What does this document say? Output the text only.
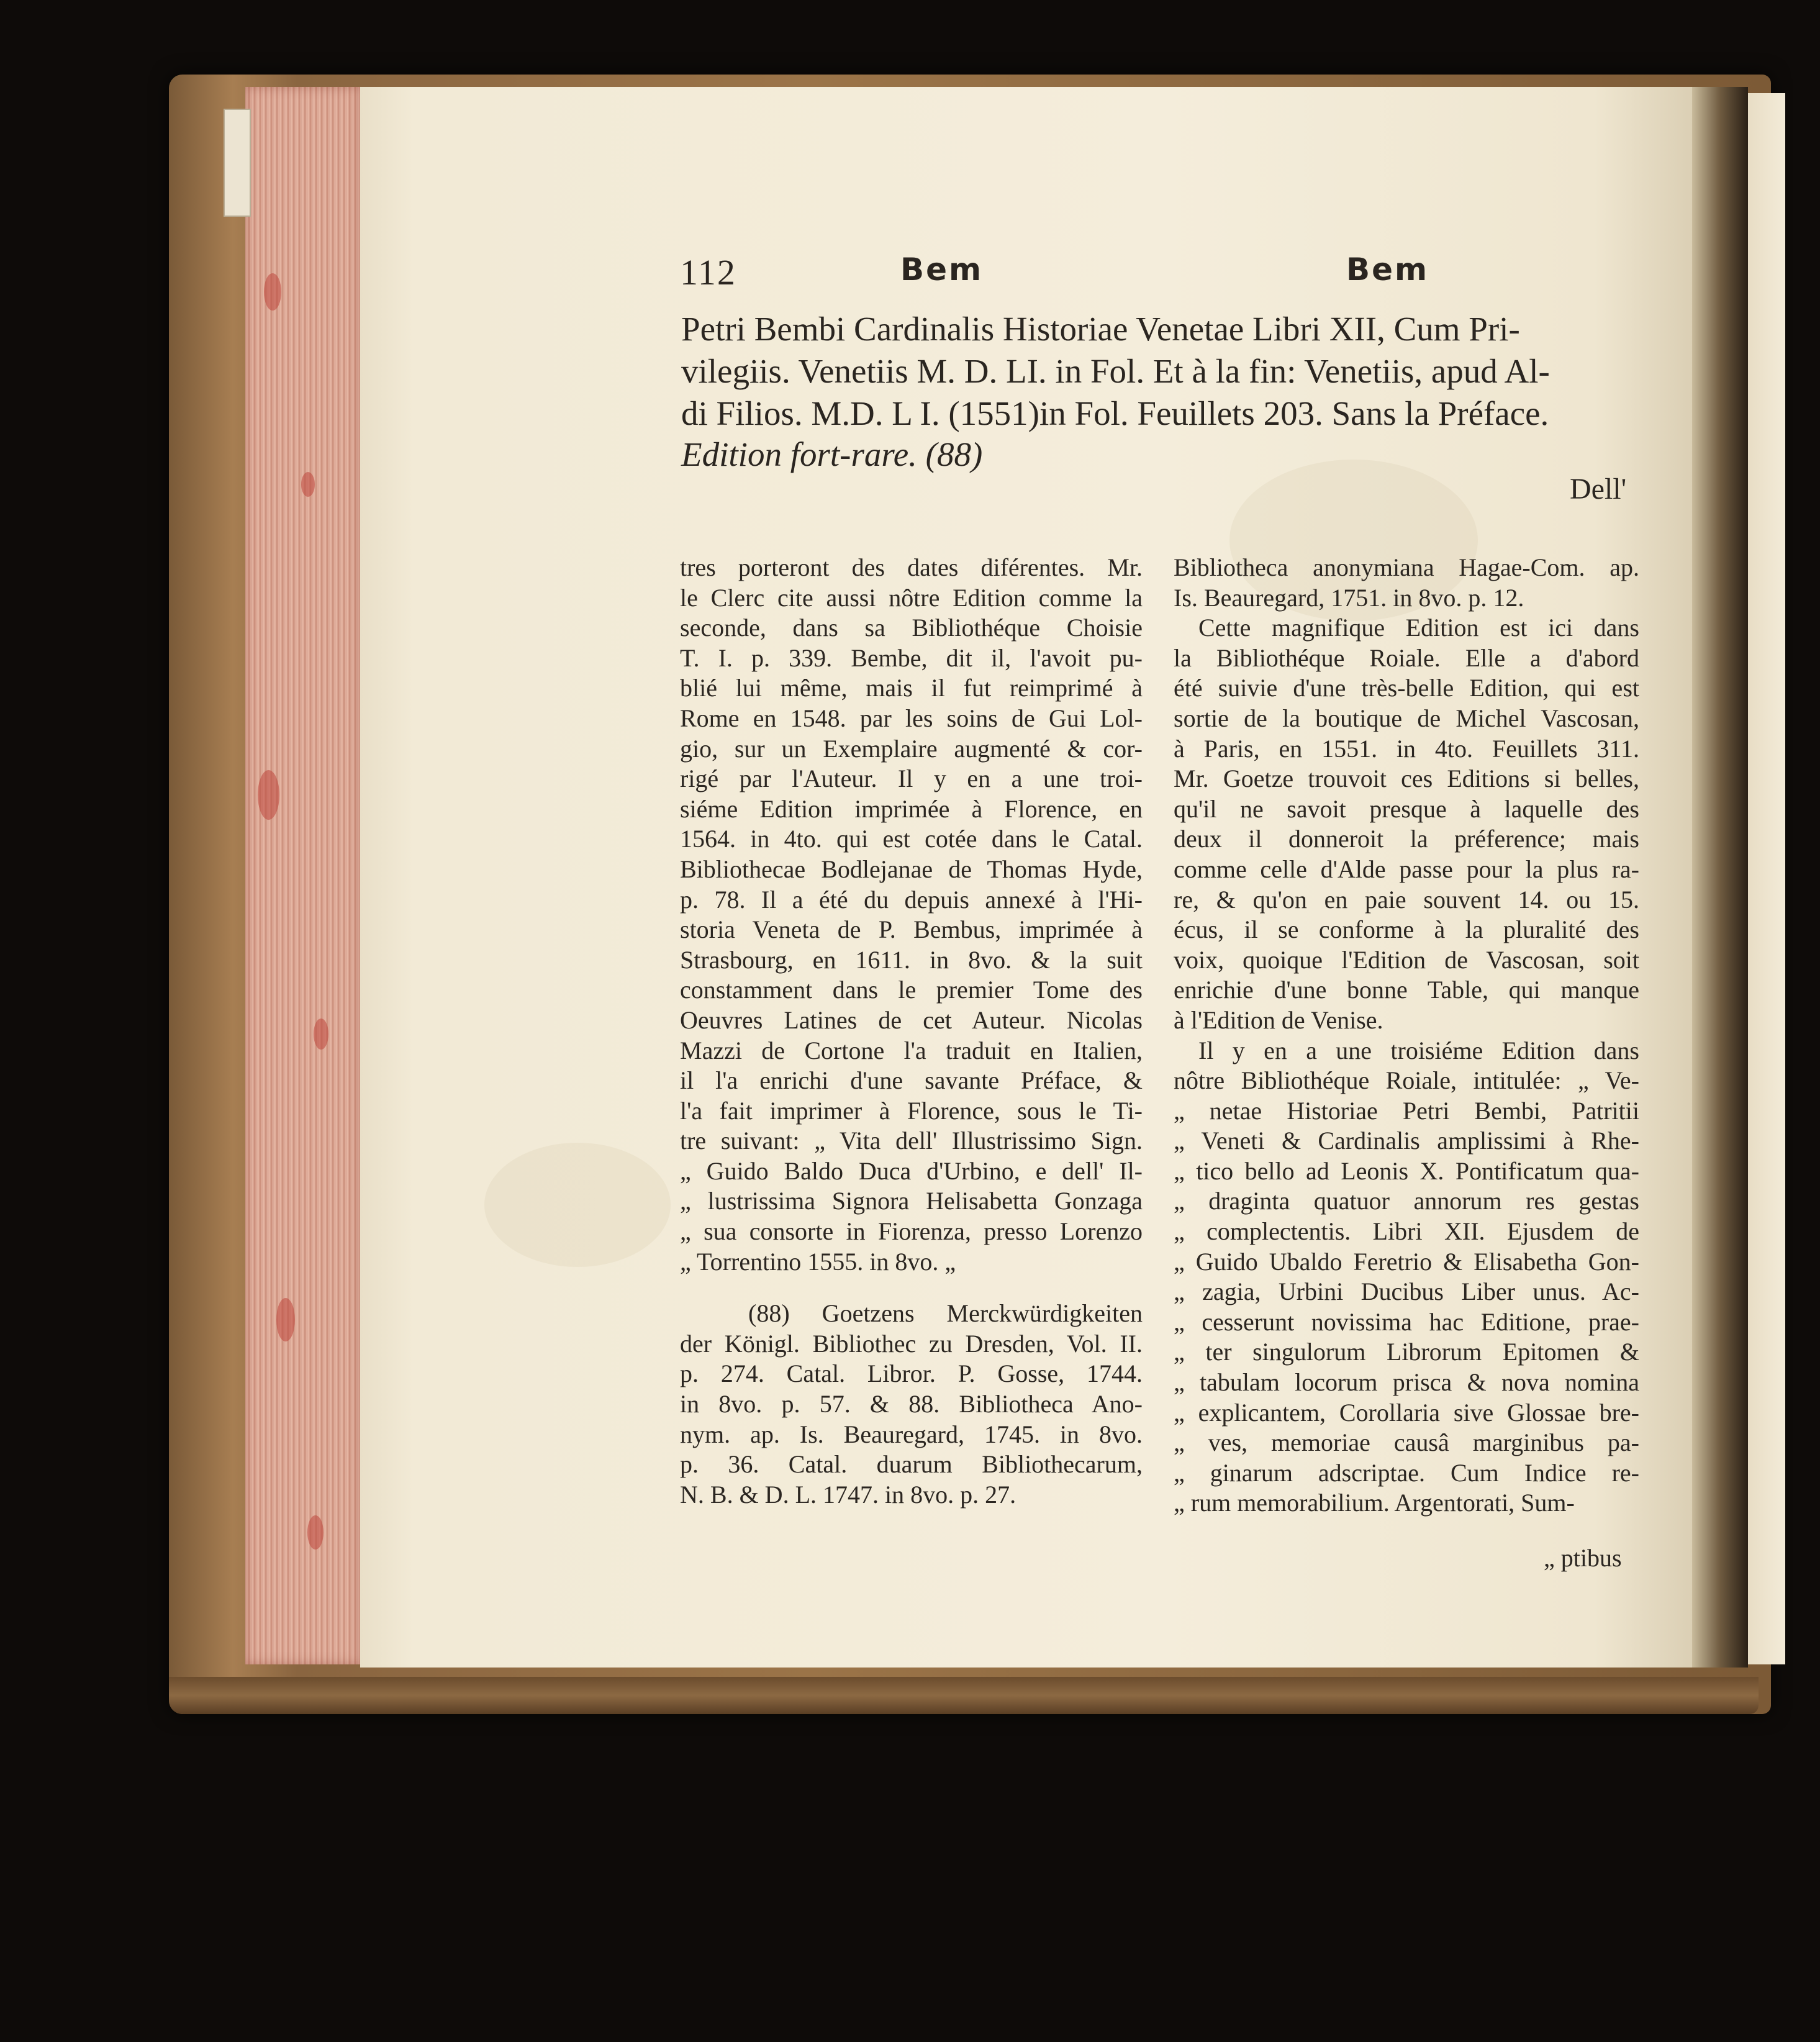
112	Bem	Bem
Petri Bembi Cardinalis Historiae Venetae Libri XII, Cum Pri-
vilegiis. Venetiis M. D. LI. in Fol. Et à la fin: Venetiis, apud Al-
di Filios. M.D. L I. (1551)in Fol. Feuillets 203. Sans la Préface.
Edition fort-rare. (88)
Dell'
tres porteront des dates diférentes. Mr.
le Clerc cite aussi nôtre Edition comme la
seconde, dans sa Bibliothéque Choisie
T. I. p. 339. Bembe, dit il, l'avoit pu-
blié lui même, mais il fut reimprimé à
Rome en 1548. par les soins de Gui Lol-
gio, sur un Exemplaire augmenté & cor-
rigé par l'Auteur. Il y en a une troi-
siéme Edition imprimée à Florence, en
1564. in 4to. qui est cotée dans le Catal.
Bibliothecae Bodlejanae de Thomas Hyde,
p. 78. Il a été du depuis annexé à l'Hi-
storia Veneta de P. Bembus, imprimée à
Strasbourg, en 1611. in 8vo. & la suit
constamment dans le premier Tome des
Oeuvres Latines de cet Auteur. Nicolas
Mazzi de Cortone l'a traduit en Italien,
il l'a enrichi d'une savante Préface, &
l'a fait imprimer à Florence, sous le Ti-
tre suivant: „ Vita dell' Illustrissimo Sign.
„ Guido Baldo Duca d'Urbino, e dell' Il-
„ lustrissima Signora Helisabetta Gonzaga
„ sua consorte in Fiorenza, presso Lorenzo
„ Torrentino 1555. in 8vo. „
(88) Goetzens Merckwürdigkeiten
der Königl. Bibliothec zu Dresden, Vol. II.
p. 274. Catal. Libror. P. Gosse, 1744.
in 8vo. p. 57. & 88. Bibliotheca Ano-
nym. ap. Is. Beauregard, 1745. in 8vo.
p. 36. Catal. duarum Bibliothecarum,
N. B. & D. L. 1747. in 8vo. p. 27.
Bibliotheca anonymiana Hagae-Com. ap.
Is. Beauregard, 1751. in 8vo. p. 12.
Cette magnifique Edition est ici dans
la Bibliothéque Roiale. Elle a d'abord
été suivie d'une très-belle Edition, qui est
sortie de la boutique de Michel Vascosan,
à Paris, en 1551. in 4to. Feuillets 311.
Mr. Goetze trouvoit ces Editions si belles,
qu'il ne savoit presque à laquelle des
deux il donneroit la préference; mais
comme celle d'Alde passe pour la plus ra-
re, & qu'on en paie souvent 14. ou 15.
écus, il se conforme à la pluralité des
voix, quoique l'Edition de Vascosan, soit
enrichie d'une bonne Table, qui manque
à l'Edition de Venise.
Il y en a une troisiéme Edition dans
nôtre Bibliothéque Roiale, intitulée: „ Ve-
„ netae Historiae Petri Bembi, Patritii
„ Veneti & Cardinalis amplissimi à Rhe-
„ tico bello ad Leonis X. Pontificatum qua-
„ draginta quatuor annorum res gestas
„ complectentis. Libri XII. Ejusdem de
„ Guido Ubaldo Feretrio & Elisabetha Gon-
„ zagia, Urbini Ducibus Liber unus. Ac-
„ cesserunt novissima hac Editione, prae-
„ ter singulorum Librorum Epitomen &
„ tabulam locorum prisca & nova nomina
„ explicantem, Corollaria sive Glossae bre-
„ ves, memoriae causâ marginibus pa-
„ ginarum adscriptae. Cum Indice re-
„ rum memorabilium. Argentorati, Sum-
„ ptibus
